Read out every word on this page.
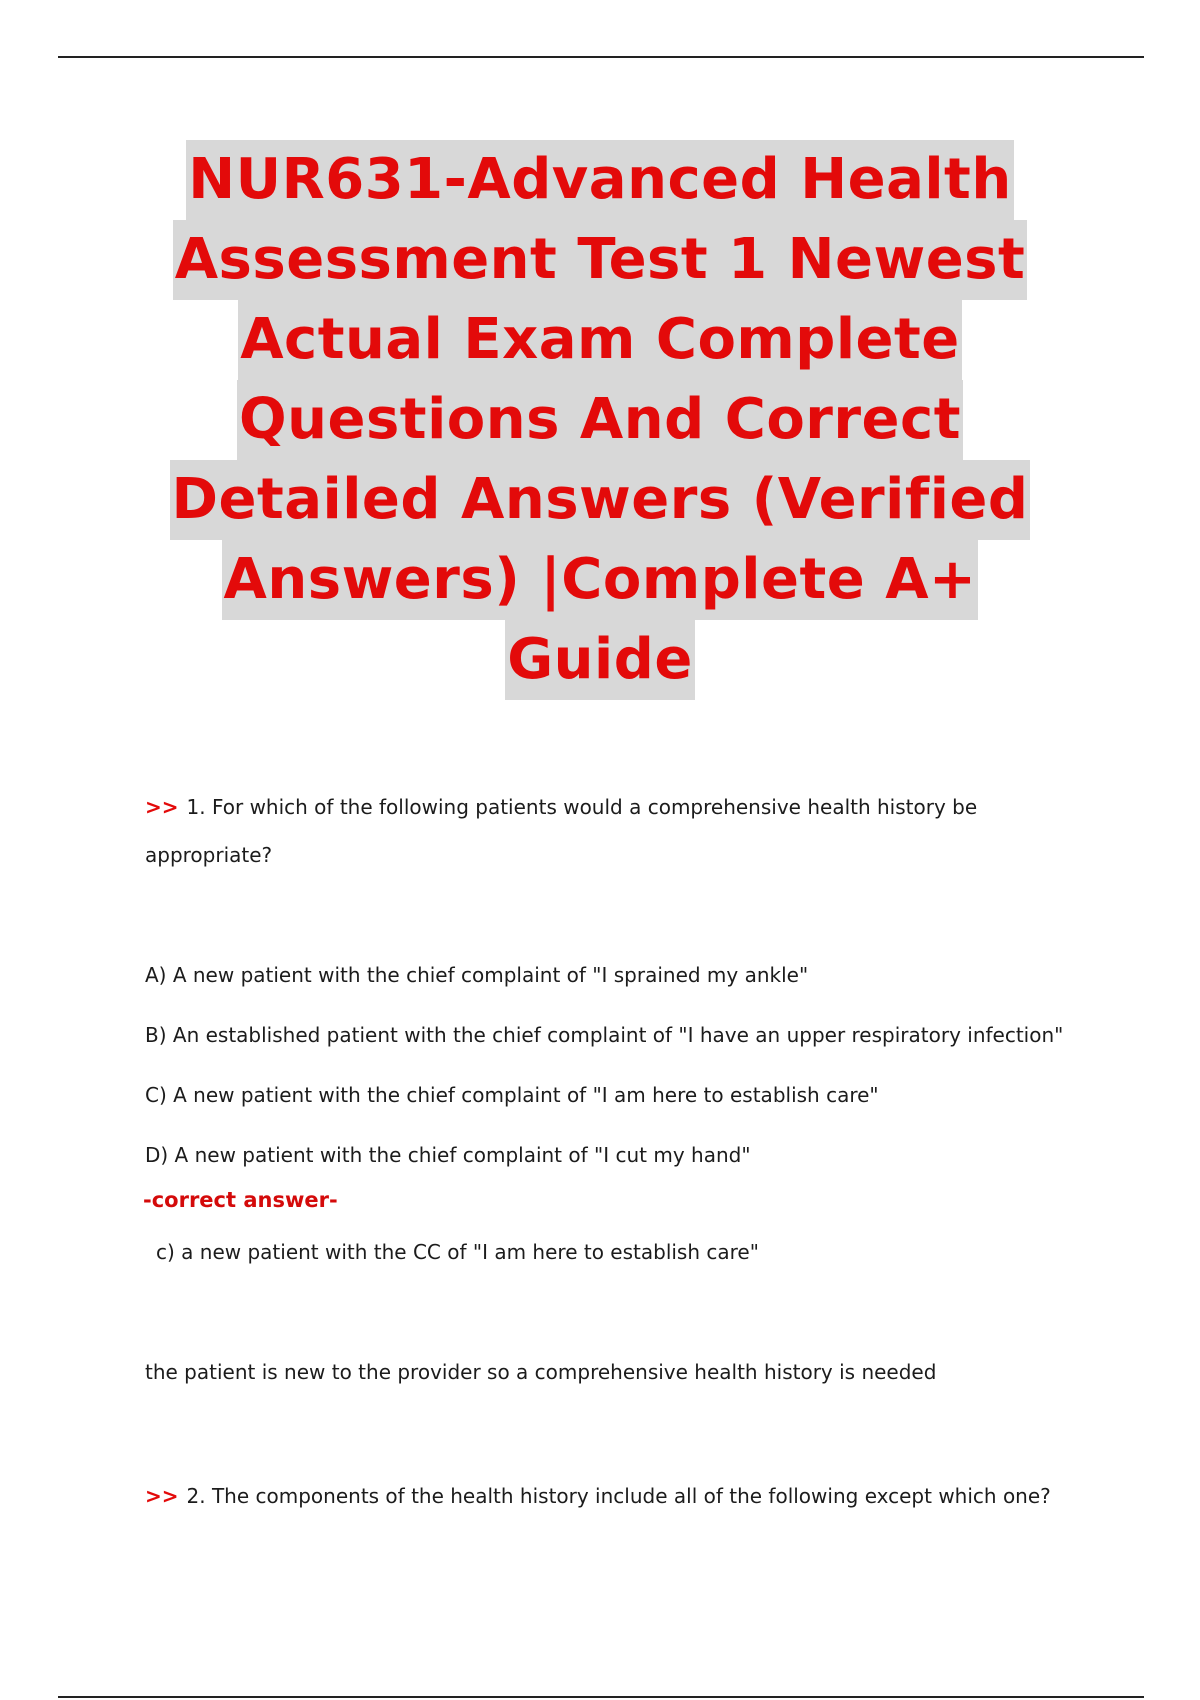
NUR631-Advanced Health
Assessment Test 1 Newest
Actual Exam Complete
Questions And Correct
Detailed Answers (Verified
Answers) |Complete A+
Guide
>> 1. For which of the following patients would a comprehensive health history be
appropriate?
A) A new patient with the chief complaint of "I sprained my ankle"
B) An established patient with the chief complaint of "I have an upper respiratory infection"
C) A new patient with the chief complaint of "I am here to establish care"
D) A new patient with the chief complaint of "I cut my hand"
-correct answer-
c) a new patient with the CC of "I am here to establish care"
the patient is new to the provider so a comprehensive health history is needed
>> 2. The components of the health history include all of the following except which one?
